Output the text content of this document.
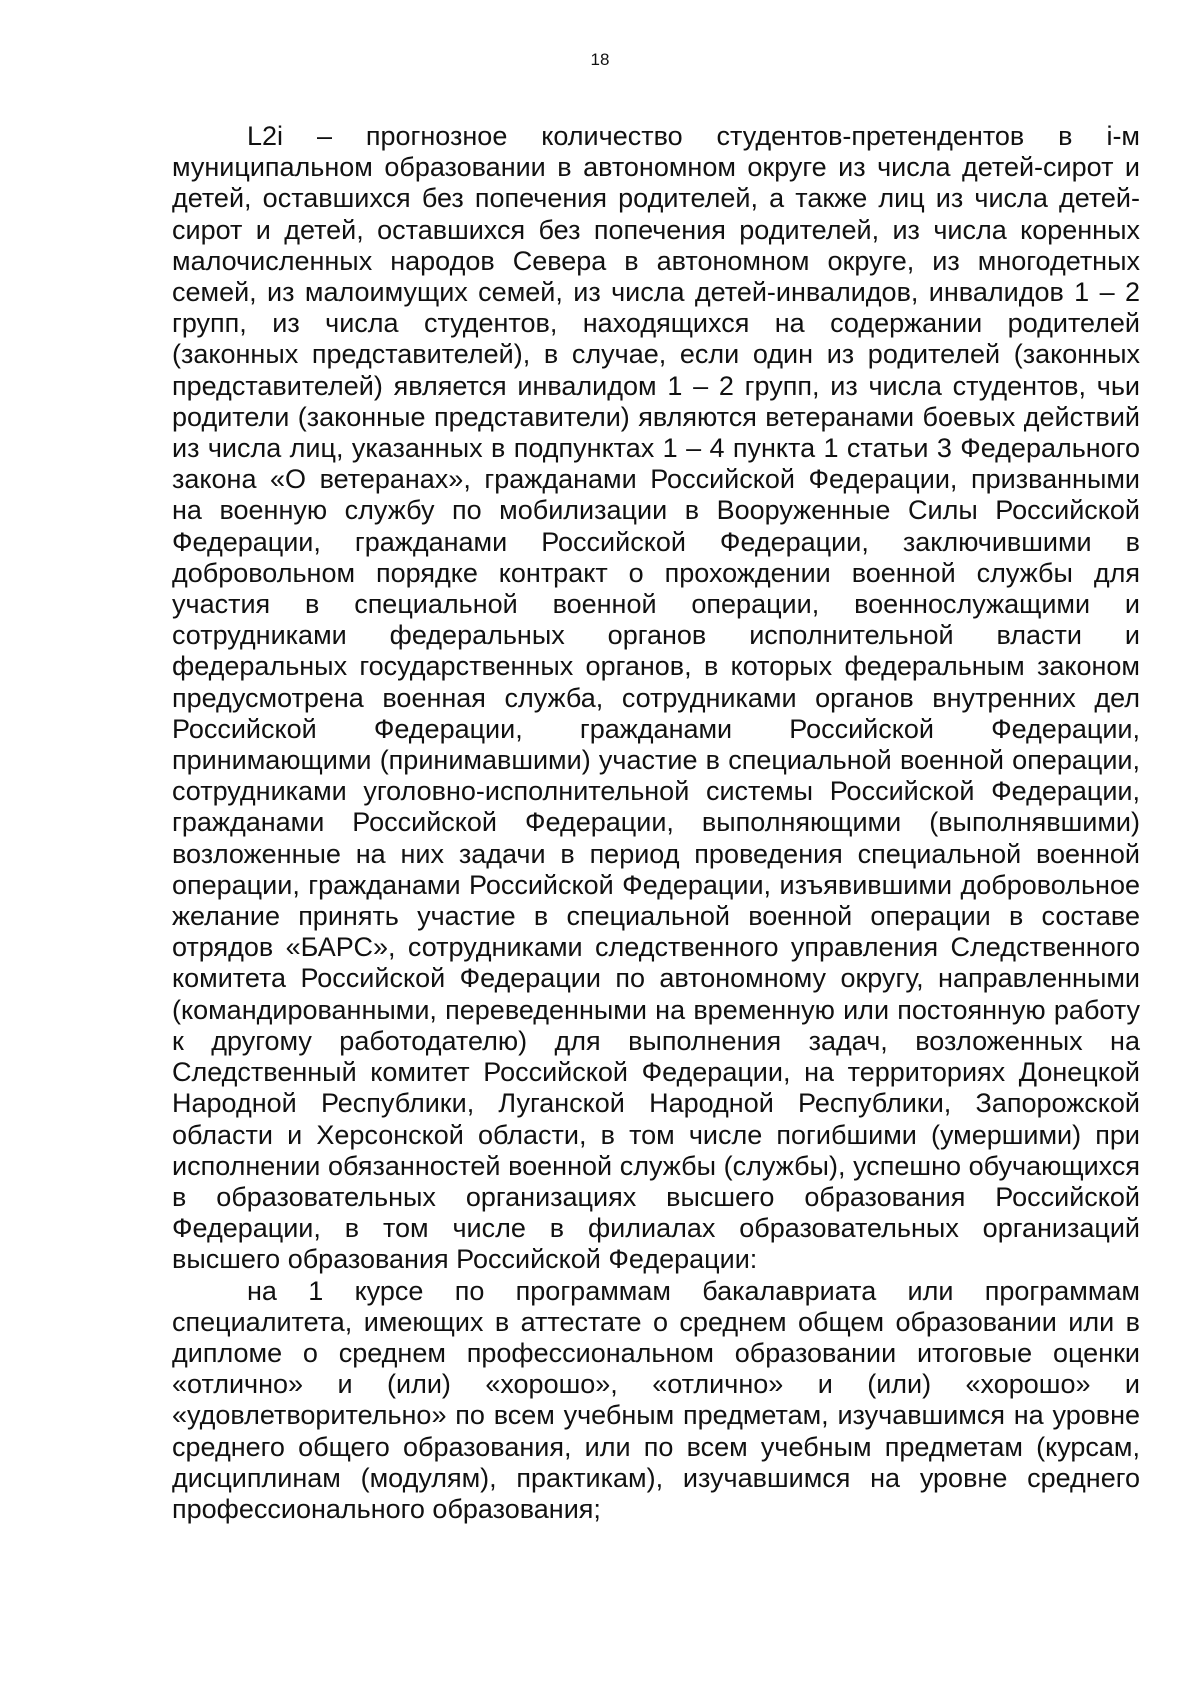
18

L2i – прогнозное количество студентов-претендентов в i-м муниципальном образовании в автономном округе из числа детей-сирот и детей, оставшихся без попечения родителей, а также лиц из числа детей-сирот и детей, оставшихся без попечения родителей, из числа коренных малочисленных народов Севера в автономном округе, из многодетных семей, из малоимущих семей, из числа детей-инвалидов, инвалидов 1 – 2 групп, из числа студентов, находящихся на содержании родителей (законных представителей), в случае, если один из родителей (законных представителей) является инвалидом 1 – 2 групп, из числа студентов, чьи родители (законные представители) являются ветеранами боевых действий из числа лиц, указанных в подпунктах 1 – 4 пункта 1 статьи 3 Федерального закона «О ветеранах», гражданами Российской Федерации, призванными на военную службу по мобилизации в Вооруженные Силы Российской Федерации, гражданами Российской Федерации, заключившими в добровольном порядке контракт о прохождении военной службы для участия в специальной военной операции, военнослужащими и сотрудниками федеральных органов исполнительной власти и федеральных государственных органов, в которых федеральным законом предусмотрена военная служба, сотрудниками органов внутренних дел Российской Федерации, гражданами Российской Федерации, принимающими (принимавшими) участие в специальной военной операции, сотрудниками уголовно-исполнительной системы Российской Федерации, гражданами Российской Федерации, выполняющими (выполнявшими) возложенные на них задачи в период проведения специальной военной операции, гражданами Российской Федерации, изъявившими добровольное желание принять участие в специальной военной операции в составе отрядов «БАРС», сотрудниками следственного управления Следственного комитета Российской Федерации по автономному округу, направленными (командированными, переведенными на временную или постоянную работу к другому работодателю) для выполнения задач, возложенных на Следственный комитет Российской Федерации, на территориях Донецкой Народной Республики, Луганской Народной Республики, Запорожской области и Херсонской области, в том числе погибшими (умершими) при исполнении обязанностей военной службы (службы), успешно обучающихся в образовательных организациях высшего образования Российской Федерации, в том числе в филиалах образовательных организаций высшего образования Российской Федерации:

на 1 курсе по программам бакалавриата или программам специалитета, имеющих в аттестате о среднем общем образовании или в дипломе о среднем профессиональном образовании итоговые оценки «отлично» и (или) «хорошо», «отлично» и (или) «хорошо» и «удовлетворительно» по всем учебным предметам, изучавшимся на уровне среднего общего образования, или по всем учебным предметам (курсам, дисциплинам (модулям), практикам), изучавшимся на уровне среднего профессионального образования;
